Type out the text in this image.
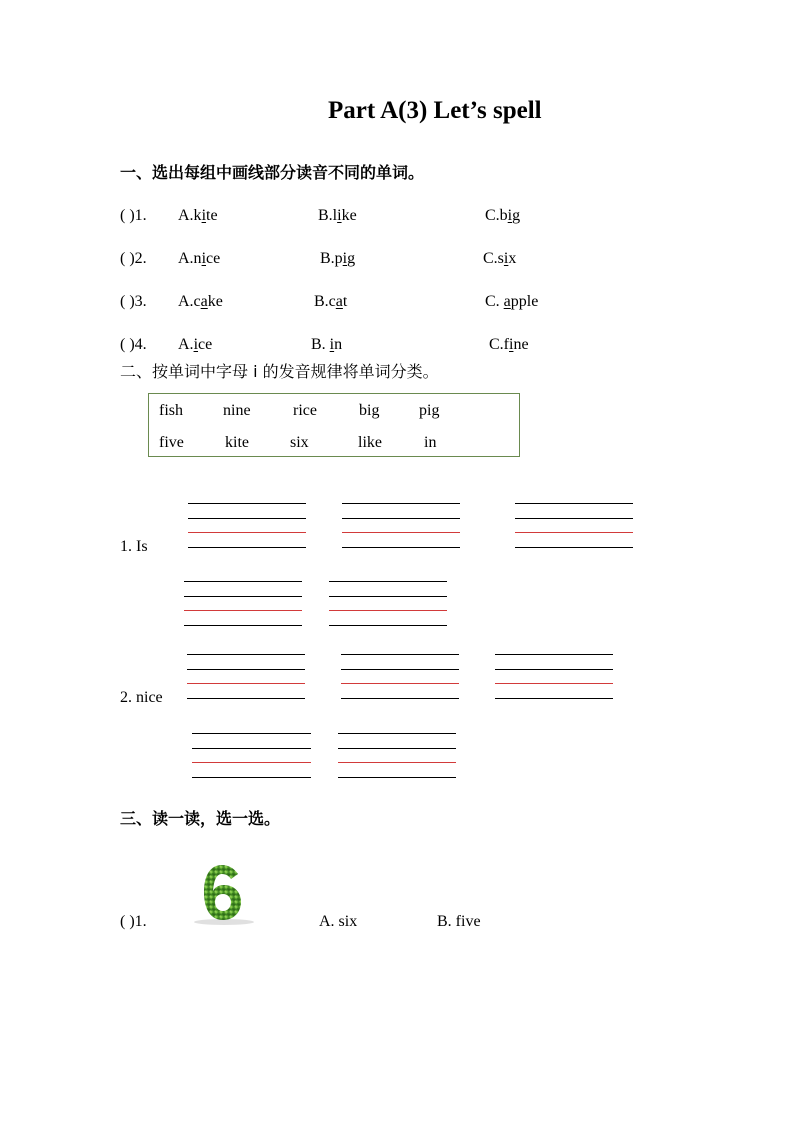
Part A(3) Let’s spell
一、选出每组中画线部分读音不同的单词。
( )1. A.kite	B.like	C.big
( )2. A.nice	B.pig	C.six
( )3. A.cake	B.cat	C. apple
( )4. A.ice	B. in	C.fine
二、按单词中字母 i 的发音规律将单词分类。
fish	nine	rice	big pig
five	kite	six	like	in
1. Is
2. nice
三、读一读，选一选。
( )1.	A. six	B. five
